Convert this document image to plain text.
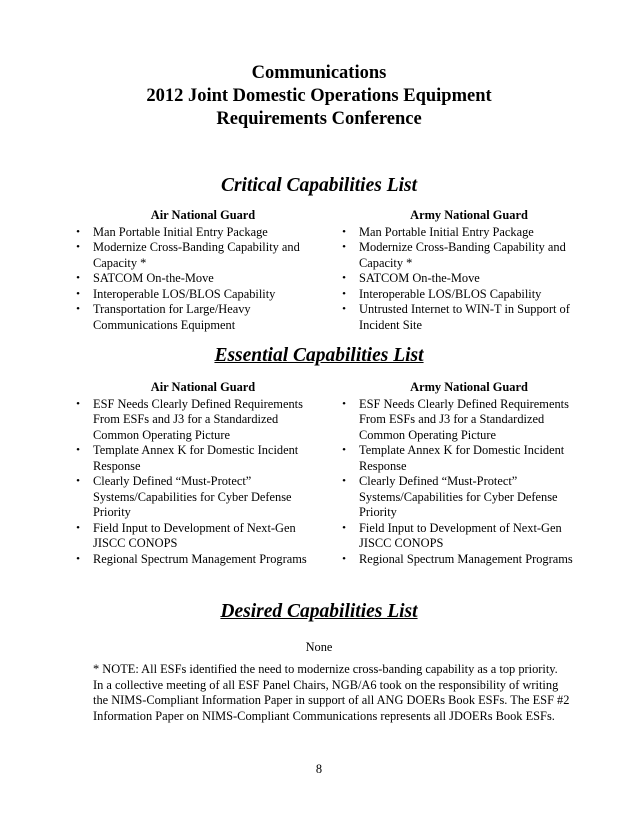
Communications

2012 Joint Domestic Operations Equipment

Requirements Conference

Critical Capabilities List

Air National Guard

• Man Portable Initial Entry Package
• Modernize Cross-Banding Capability and Capacity *
• SATCOM On-the-Move
• Interoperable LOS/BLOS Capability
• Transportation for Large/Heavy Communications Equipment

Army National Guard

• Man Portable Initial Entry Package
• Modernize Cross-Banding Capability and Capacity *
• SATCOM On-the-Move
• Interoperable LOS/BLOS Capability
• Untrusted Internet to WIN-T in Support of Incident Site

Essential Capabilities List

Air National Guard

• ESF Needs Clearly Defined Requirements From ESFs and J3 for a Standardized Common Operating Picture
• Template Annex K for Domestic Incident Response
• Clearly Defined “Must-Protect” Systems/Capabilities for Cyber Defense Priority
• Field Input to Development of Next-Gen JISCC CONOPS
• Regional Spectrum Management Programs

Army National Guard

• ESF Needs Clearly Defined Requirements From ESFs and J3 for a Standardized Common Operating Picture
• Template Annex K for Domestic Incident Response
• Clearly Defined “Must-Protect” Systems/Capabilities for Cyber Defense Priority
• Field Input to Development of Next-Gen JISCC CONOPS
• Regional Spectrum Management Programs

Desired Capabilities List

None

* NOTE: All ESFs identified the need to modernize cross-banding capability as a top priority. In a collective meeting of all ESF Panel Chairs, NGB/A6 took on the responsibility of writing the NIMS-Compliant Information Paper in support of all ANG DOERs Book ESFs. The ESF #2 Information Paper on NIMS-Compliant Communications represents all JDOERs Book ESFs.

8
